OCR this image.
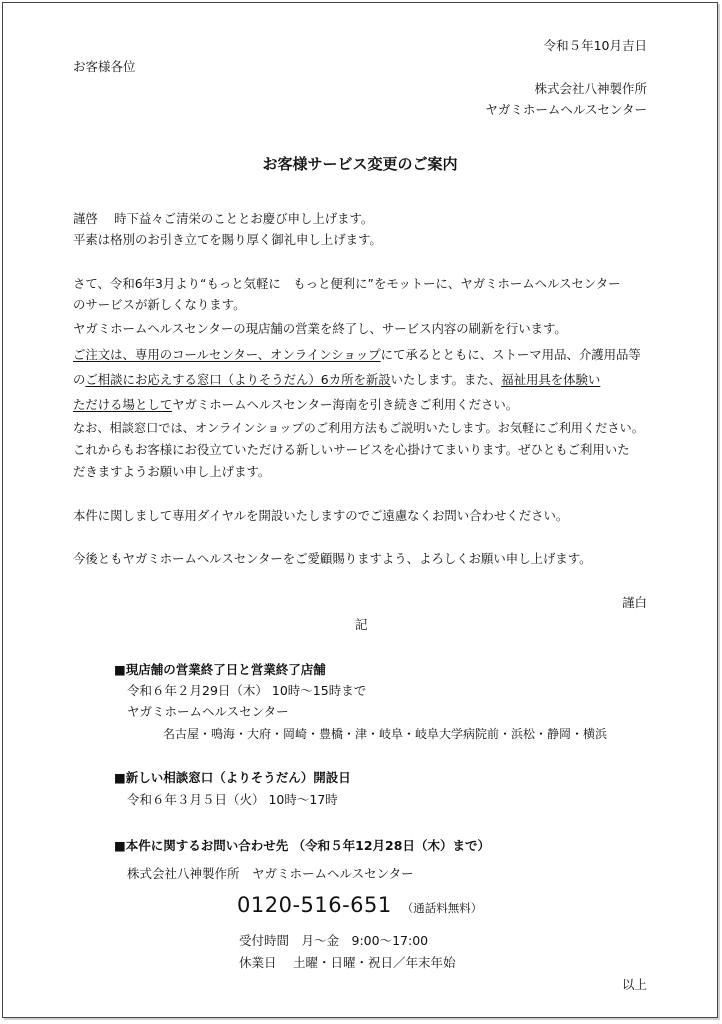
令和５年10月吉日
お客様各位
株式会社八神製作所
ヤガミホームヘルスセンター
お客様サービス変更のご案内
謹啓　 時下益々ご清栄のこととお慶び申し上げます。
平素は格別のお引き立てを賜り厚く御礼申し上げます。
さて、令和6年3月より“もっと気軽に　もっと便利に”をモットーに、ヤガミホームヘルスセンター
のサービスが新しくなります。
ヤガミホームヘルスセンターの現店舗の営業を終了し、サービス内容の刷新を行います。
ご注文は、専用のコールセンター、オンラインショップにて承るとともに、ストーマ用品、介護用品等
のご相談にお応えする窓口（よりそうだん）6カ所を新設いたします。また、福祉用具を体験い
ただける場としてヤガミホームヘルスセンター海南を引き続きご利用ください。
なお、相談窓口では、オンラインショップのご利用方法もご説明いたします。お気軽にご利用ください。
これからもお客様にお役立ていただける新しいサービスを心掛けてまいります。ぜひともご利用いた
だきますようお願い申し上げます。
本件に関しまして専用ダイヤルを開設いたしますのでご遠慮なくお問い合わせください。
今後ともヤガミホームヘルスセンターをご愛顧賜りますよう、よろしくお願い申し上げます。
謹白
記
■現店舗の営業終了日と営業終了店舗
令和６年２月29日（木） 10時～15時まで
ヤガミホームヘルスセンター
名古屋・鳴海・大府・岡崎・豊橋・津・岐阜・岐阜大学病院前・浜松・静岡・横浜
■新しい相談窓口（よりそうだん）開設日
令和６年３月５日（火） 10時～17時
■本件に関するお問い合わせ先 （令和５年12月28日（木）まで）
株式会社八神製作所　ヤガミホームヘルスセンター
0120-516-651 （通話料無料）
受付時間　月～金　9:00～17:00
休業日　 土曜・日曜・祝日／年末年始
以上
